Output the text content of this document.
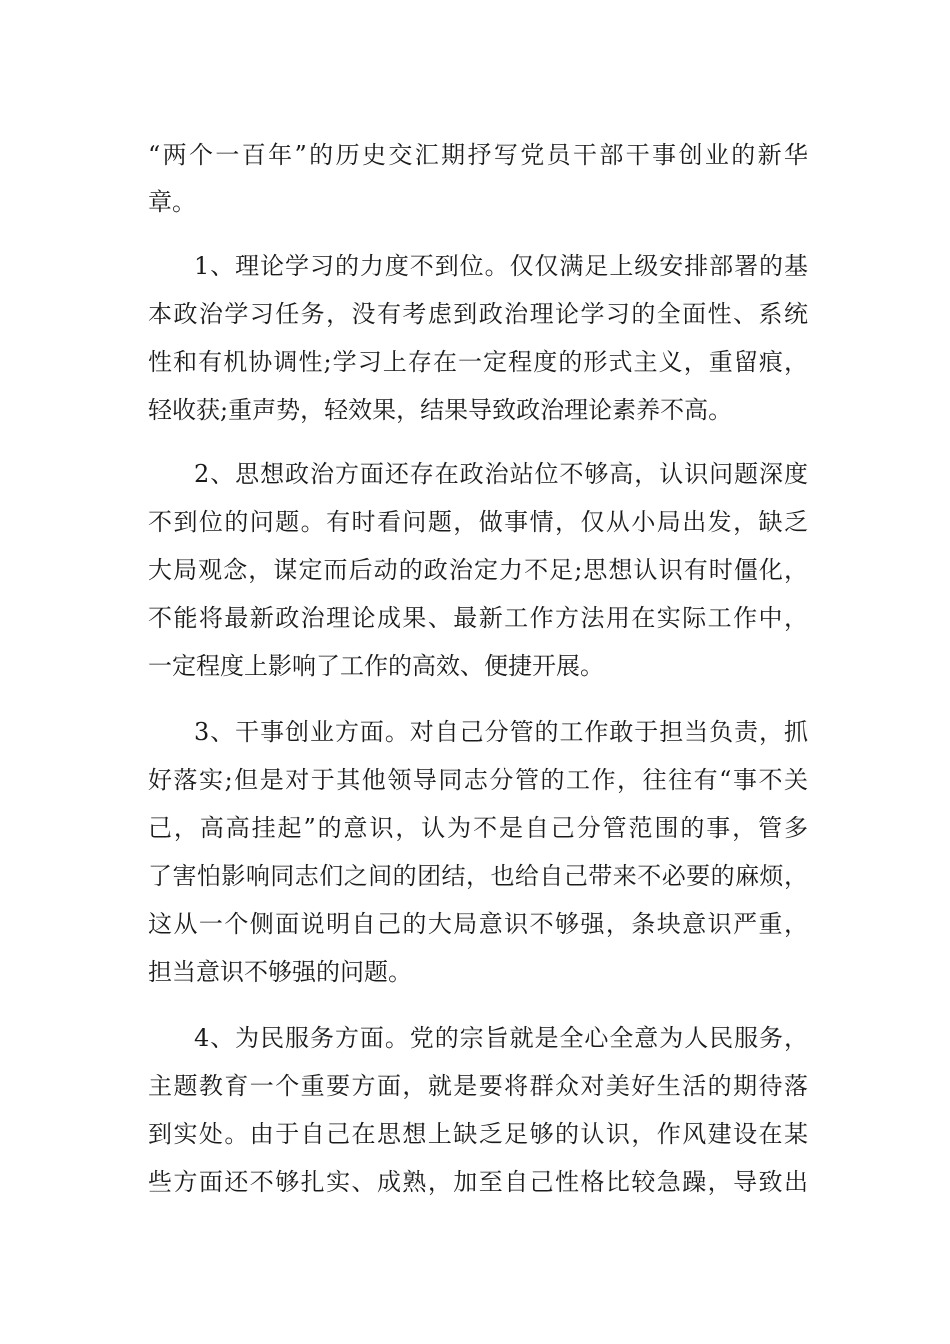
“两个一百年”的历史交汇期抒写党员干部干事创业的新华
章。
1、理论学习的力度不到位。仅仅满足上级安排部署的基
本政治学习任务，没有考虑到政治理论学习的全面性、系统
性和有机协调性;学习上存在一定程度的形式主义，重留痕，
轻收获;重声势，轻效果，结果导致政治理论素养不高。
2、思想政治方面还存在政治站位不够高，认识问题深度
不到位的问题。有时看问题，做事情，仅从小局出发，缺乏
大局观念，谋定而后动的政治定力不足;思想认识有时僵化，
不能将最新政治理论成果、最新工作方法用在实际工作中，
一定程度上影响了工作的高效、便捷开展。
3、干事创业方面。对自己分管的工作敢于担当负责，抓
好落实;但是对于其他领导同志分管的工作，往往有“事不关
己，高高挂起”的意识，认为不是自己分管范围的事，管多
了害怕影响同志们之间的团结，也给自己带来不必要的麻烦，
这从一个侧面说明自己的大局意识不够强，条块意识严重，
担当意识不够强的问题。
4、为民服务方面。党的宗旨就是全心全意为人民服务，
主题教育一个重要方面，就是要将群众对美好生活的期待落
到实处。由于自己在思想上缺乏足够的认识，作风建设在某
些方面还不够扎实、成熟，加至自己性格比较急躁，导致出
